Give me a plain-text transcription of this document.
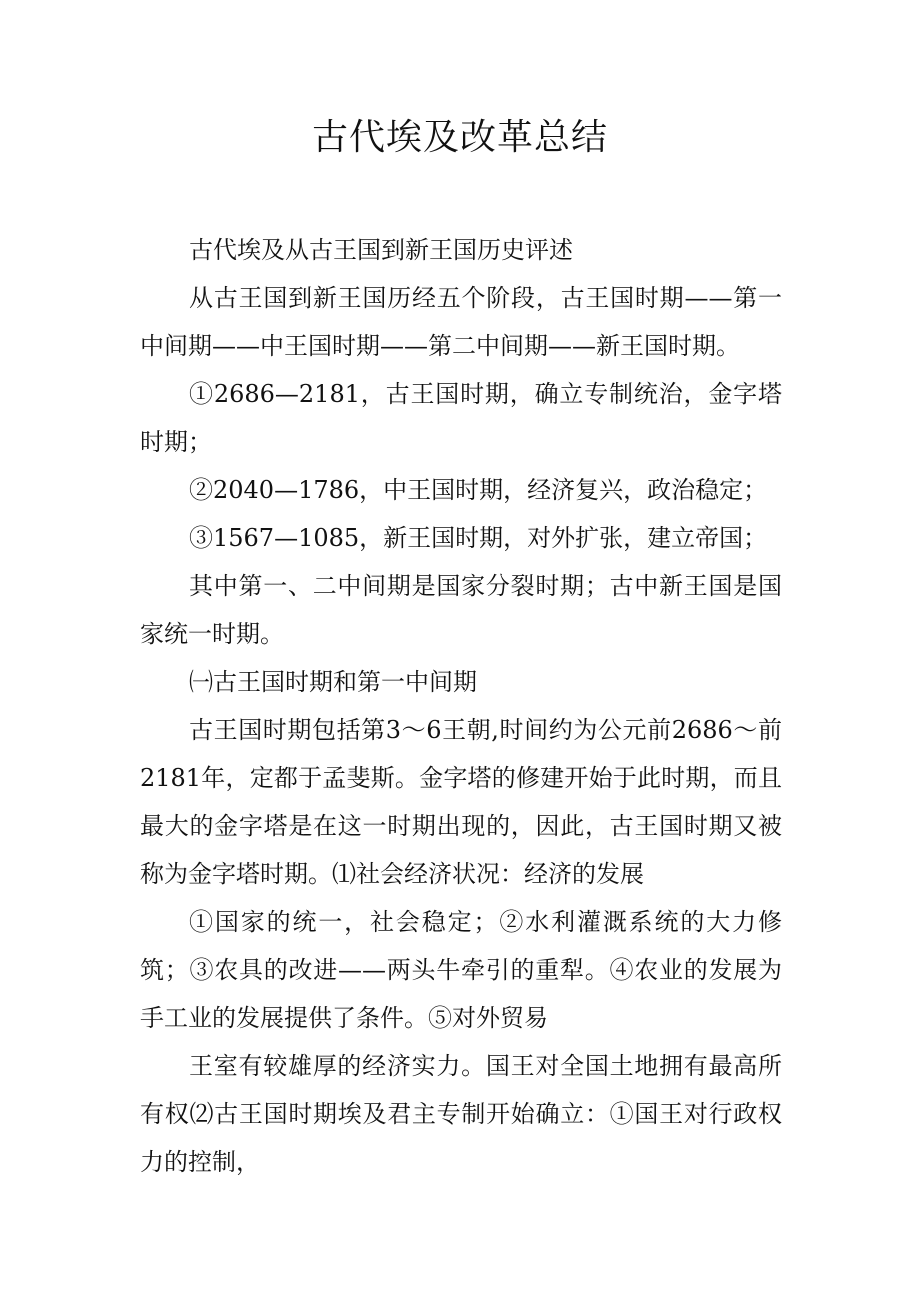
古代埃及改革总结

古代埃及从古王国到新王国历史评述

从古王国到新王国历经五个阶段，古王国时期——第一中间期——中王国时期——第二中间期——新王国时期。

①2686—2181，古王国时期，确立专制统治，金字塔时期；

②2040—1786，中王国时期，经济复兴，政治稳定；

③1567—1085，新王国时期，对外扩张，建立帝国；

其中第一、二中间期是国家分裂时期；古中新王国是国家统一时期。

㈠古王国时期和第一中间期

古王国时期包括第3～6王朝,时间约为公元前2686～前2181年，定都于孟斐斯。金字塔的修建开始于此时期，而且最大的金字塔是在这一时期出现的，因此，古王国时期又被称为金字塔时期。⑴社会经济状况：经济的发展

①国家的统一，社会稳定；②水利灌溉系统的大力修筑；③农具的改进——两头牛牵引的重犁。④农业的发展为手工业的发展提供了条件。⑤对外贸易

王室有较雄厚的经济实力。国王对全国土地拥有最高所有权⑵古王国时期埃及君主专制开始确立：①国王对行政权力的控制，
